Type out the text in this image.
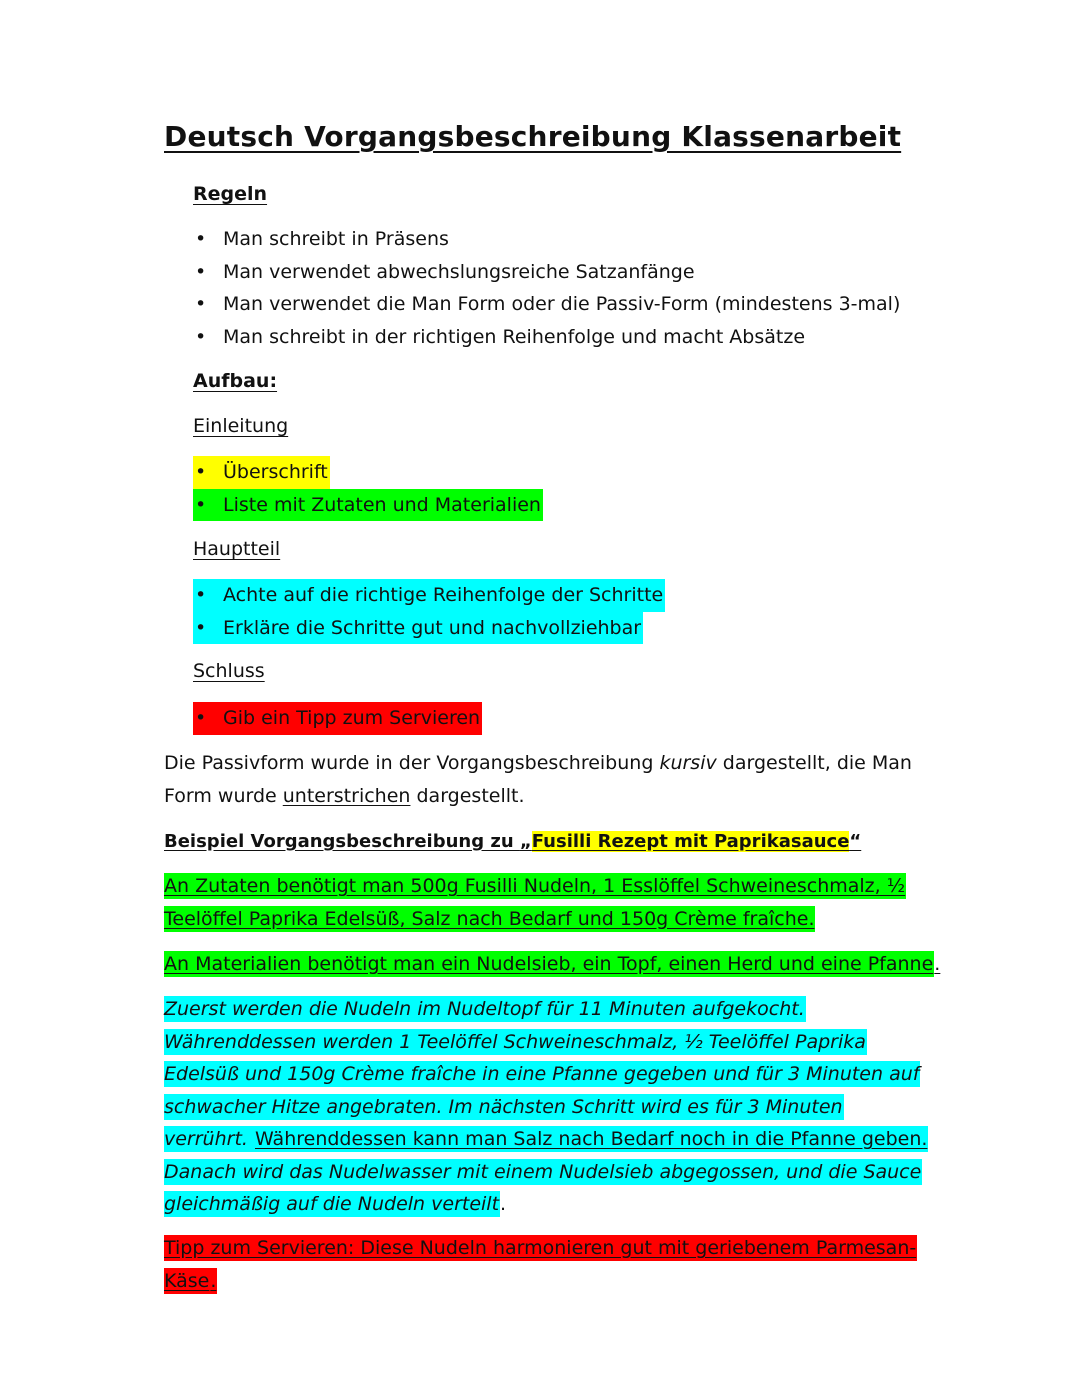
Deutsch Vorgangsbeschreibung Klassenarbeit
Regeln
• Man schreibt in Präsens
• Man verwendet abwechslungsreiche Satzanfänge
• Man verwendet die Man Form oder die Passiv-Form (mindestens 3-mal)
• Man schreibt in der richtigen Reihenfolge und macht Absätze
Aufbau:
Einleitung
• Überschrift
• Liste mit Zutaten und Materialien
Hauptteil
• Achte auf die richtige Reihenfolge der Schritte
• Erkläre die Schritte gut und nachvollziehbar
Schluss
• Gib ein Tipp zum Servieren
Die Passivform wurde in der Vorgangsbeschreibung kursiv dargestellt, die Man
Form wurde unterstrichen dargestellt.
Beispiel Vorgangsbeschreibung zu „Fusilli Rezept mit Paprikasauce“
An Zutaten benötigt man 500g Fusilli Nudeln, 1 Esslöffel Schweineschmalz, ½
Teelöffel Paprika Edelsüß, Salz nach Bedarf und 150g Crème fraîche.
An Materialien benötigt man ein Nudelsieb, ein Topf, einen Herd und eine Pfanne.
Zuerst werden die Nudeln im Nudeltopf für 11 Minuten aufgekocht.
Währenddessen werden 1 Teelöffel Schweineschmalz, ½ Teelöffel Paprika
Edelsüß und 150g Crème fraîche in eine Pfanne gegeben und für 3 Minuten auf
schwacher Hitze angebraten. Im nächsten Schritt wird es für 3 Minuten
verrührt. Währenddessen kann man Salz nach Bedarf noch in die Pfanne geben.
Danach wird das Nudelwasser mit einem Nudelsieb abgegossen, und die Sauce
gleichmäßig auf die Nudeln verteilt.
Tipp zum Servieren: Diese Nudeln harmonieren gut mit geriebenem Parmesan-
Käse.
